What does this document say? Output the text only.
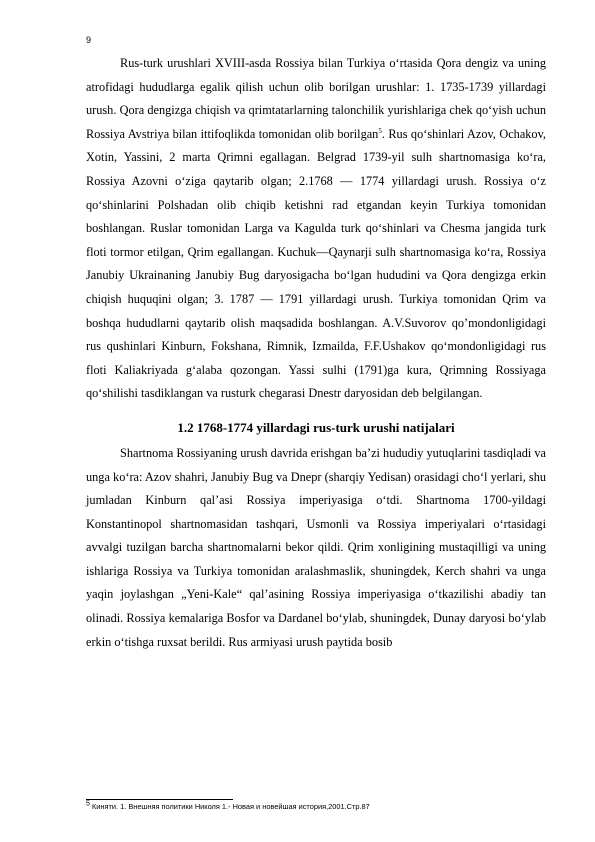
9

Rus-turk urushlari XVIII-asda Rossiya bilan Turkiya oʻrtasida Qora dengiz va uning atrofidagi hududlarga egalik qilish uchun olib borilgan urushlar: 1. 1735-1739 yillardagi urush. Qora dengizga chiqish va qrimtatarlarning talonchilik yurishlariga chek qoʻyish uchun Rossiya Avstriya bilan ittifoqlikda tomonidan olib borilgan$^5$. Rus qoʻshinlari Azov, Ochakov, Xotin, Yassini, 2 marta Qrimni egallagan. Belgrad 1739-yil sulh shartnomasiga koʻra, Rossiya Azovni oʻziga qaytarib olgan; 2.1768 — 1774 yillardagi urush. Rossiya oʻz qoʻshinlarini Polshadan olib chiqib ketishni rad etgandan keyin Turkiya tomonidan boshlangan. Ruslar tomonidan Larga va Kagulda turk qoʻshinlari va Chesma jangida turk floti tormor etilgan, Qrim egallangan. Kuchuk—Qaynarji sulh shartnomasiga koʻra, Rossiya Janubiy Ukrainaning Janubiy Bug daryosigacha boʻlgan hududini va Qora dengizga erkin chiqish huquqini olgan; 3. 1787 — 1791 yillardagi urush. Turkiya tomonidan Qrim va boshqa hududlarni qaytarib olish maqsadida boshlangan. A.V.Suvorov qo’mondonligidagi rus qushinlari Kinburn, Fokshana, Rimnik, Izmailda, F.F.Ushakov qoʻmondonligidagi rus floti Kaliakriyada gʻalaba qozongan. Yassi sulhi (1791)ga kura, Qrimning Rossiyaga qoʻshilishi tasdiklangan va rusturk chegarasi Dnestr daryosidan deb belgilangan.

1.2 1768-1774 yillardagi rus-turk urushi natijalari

Shartnoma Rossiyaning urush davrida erishgan baʼzi hududiy yutuqlarini tasdiqladi va unga koʻra: Azov shahri, Janubiy Bug va Dnepr (sharqiy Yedisan) orasidagi choʻl yerlari, shu jumladan Kinburn qal’asi Rossiya imperiyasiga oʻtdi. Shartnoma 1700-yildagi Konstantinopol shartnomasidan tashqari, Usmonli va Rossiya imperiyalari oʻrtasidagi avvalgi tuzilgan barcha shartnomalarni bekor qildi. Qrim xonligining mustaqilligi va uning ishlariga Rossiya va Turkiya tomonidan aralashmaslik, shuningdek, Kerch shahri va unga yaqin joylashgan „Yeni-Kale“ qal’asining Rossiya imperiyasiga oʻtkazilishi abadiy tan olinadi. Rossiya kemalariga Bosfor va Dardanel boʻylab, shuningdek, Dunay daryosi boʻylab erkin oʻtishga ruxsat berildi. Rus armiyasi urush paytida bosib

$^5$ Киняти. 1. Внешняя политики Николя 1.- Новая и новейшая история,2001.Стр.87
